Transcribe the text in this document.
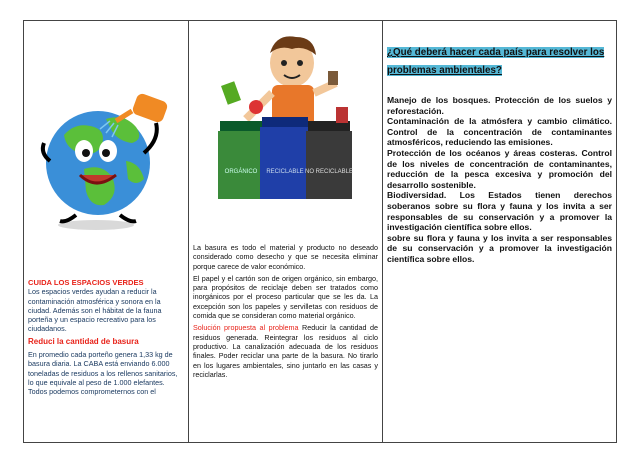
CUIDA LOS ESPACIOS VERDES
Los espacios verdes ayudan a reducir la contaminación atmosférica y sonora en la ciudad. Además son el hábitat de la fauna porteña y un espacio recreativo para los ciudadanos.
Reduci la cantidad de basura
En promedio cada porteño genera 1,33 kg de basura diaria. La CABA está enviando 6.000 toneladas de residuos a los rellenos sanitarios, lo que equivale al peso de 1.000 elefantes. Todos podemos comprometernos con el
ORGÁNICO RECICLABLE NO RECICLABLE
La basura es todo el material y producto no deseado considerado como desecho y que se necesita eliminar porque carece de valor económico.
El papel y el cartón son de origen orgánico, sin embargo, para propósitos de reciclaje deben ser tratados como inorgánicos por el proceso particular que se les da. La excepción son los papeles y servilletas con residuos de comida que se consideran como material orgánico.
Solución propuesta al problema Reducir la cantidad de residuos generada. Reintegrar los residuos al ciclo productivo. La canalización adecuada de los residuos finales. Poder reciclar una parte de la basura. No tirarlo en los lugares ambientales, sino juntarlo en las casas y reciclarlas.
¿Qué deberá hacer cada país para resolver los problemas ambientales?
Manejo de los bosques. Protección de los suelos y reforestación.
Contaminación de la atmósfera y cambio climático. Control de la concentración de contaminantes atmosféricos, reduciendo las emisiones.
Protección de los océanos y áreas costeras. Control de los niveles de concentración de contaminantes, reducción de la pesca excesiva y promoción del desarrollo sostenible.
Biodiversidad. Los Estados tienen derechos soberanos sobre su flora y fauna y los invita a ser responsables de su conservación y a promover la investigación científica sobre ellos.
sobre su flora y fauna y los invita a ser responsables de su conservación y a promover la investigación científica sobre ellos.
